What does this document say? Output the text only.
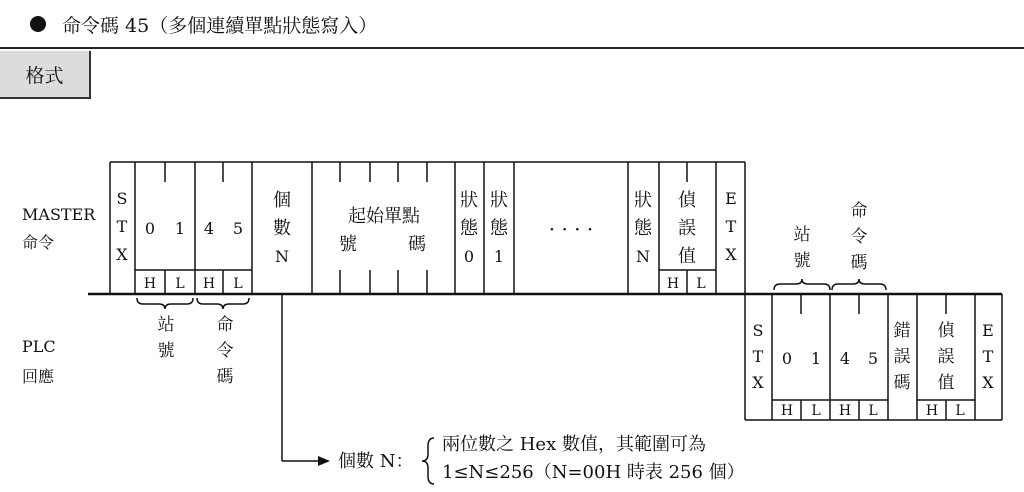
命令碼 45（多個連續單點狀態寫入）
格式
MASTER
命令
PLC
回應
S
T
X
0 1 4 5
個
數
N
起始單點
號	碼
狀
態
0
狀
態
1
· · · ·
狀
態
N
偵
誤
值
E
T
X
H L H L	H L
站
號
命
令
碼
站
號
命
令
碼
S
T
X
0 1 4 5
錯
誤
碼
偵
誤
值
E
T
X
H L H L	H L
個數 N：
兩位數之 Hex 數值，其範圍可為
1≤N≤256（N=00H 時表 256 個）
